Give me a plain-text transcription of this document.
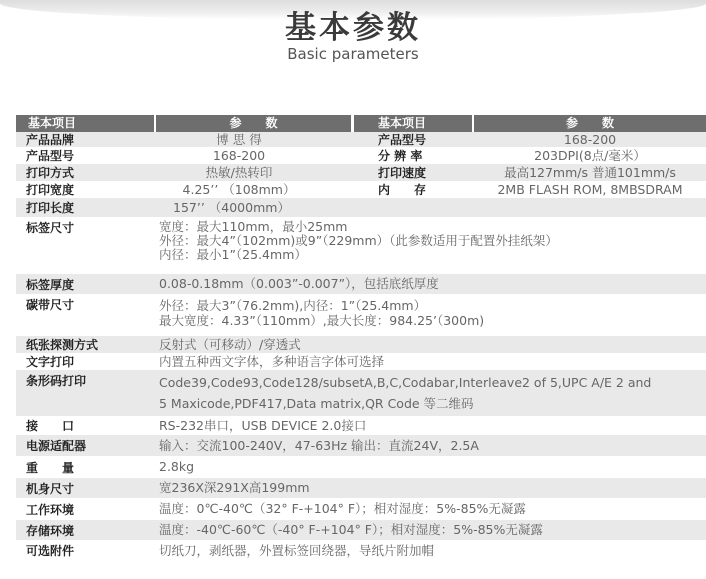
基本参数
Basic parameters
基本项目	参　　数	基本项目	参　　数
产品品牌	博 思 得	产品型号	168-200
产品型号	168-200	分 辨 率	203DPI(8点/毫米）
打印方式	热敏/热转印	打印速度	最高127mm/s 普通101mm/s
打印宽度	4.25’’ （108mm）	内　　存	2MB FLASH ROM, 8MBSDRAM
打印长度	157’’ （4000mm）
标签尺寸	宽度：最大110mm，最小25mm
外径：最大4”（102mm)或9”（229mm）（此参数适用于配置外挂纸架）
内径：最小1”（25.4mm）
标签厚度	0.08-0.18mm（0.003”-0.007”），包括底纸厚度
碳带尺寸	外径：最大3”（76.2mm),内径：1”（25.4mm）
最大宽度：4.33”（110mm）,最大长度：984.25’（300m)
纸张探测方式	反射式（可移动）/穿透式
文字打印	内置五种西文字体，多种语言字体可选择
条形码打印	Code39,Code93,Code128/subsetA,B,C,Codabar,Interleave2 of 5,UPC A/E 2 and
5 Maxicode,PDF417,Data matrix,QR Code 等二维码
接　　口	RS-232串口，USB DEVICE 2.0接口
电源适配器	输入：交流100-240V，47-63Hz 输出：直流24V，2.5A
重　　量	2.8kg
机身尺寸	宽236X深291X高199mm
工作环境	温度：0℃-40℃（32° F-+104° F）；相对湿度：5%-85%无凝露
存储环境	温度：-40℃-60℃（-40° F-+104° F）；相对湿度：5%-85%无凝露
可选附件	切纸刀，剥纸器，外置标签回绕器，导纸片附加帽
